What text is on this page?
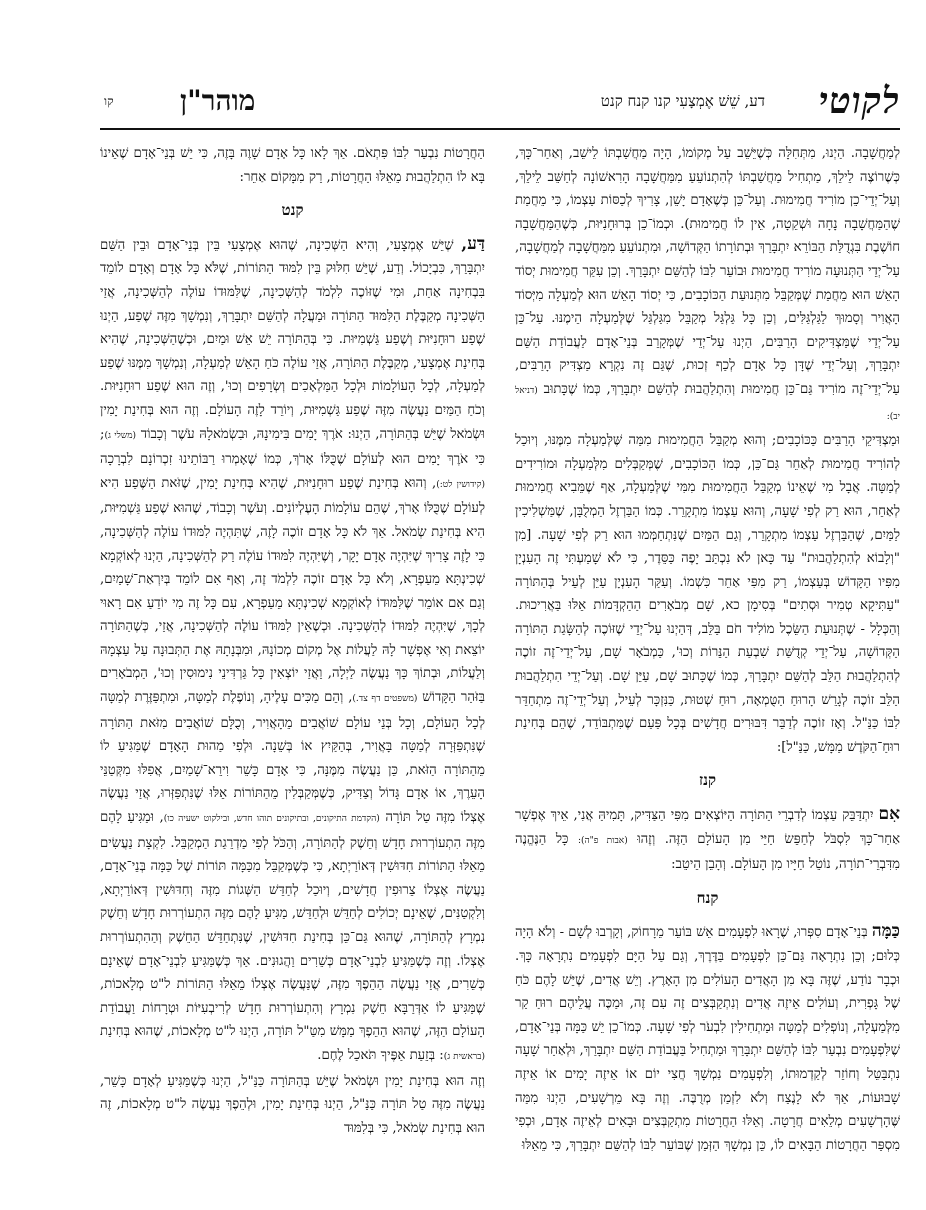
לקוטי
דע, שֵׁשׁ אֶמְצָעִי קנו קנח קנט
מוהר"ן
קו

לְמַחֲשָׁבָה. הַיְנוּ, מִתְּחִלָּה כְּשֶׁיֵּשֵׁב עַל מְקוֹמוֹ, הָיָה מַחֲשַׁבְתּוֹ לֵישֵׁב, וְאַחַר־כָּךְ, כְּשֶׁרוֹצֶה לֵילֵךְ, מַתְחִיל מַחֲשַׁבְתּוֹ לְהִתְנוֹעֵעַ מִמַּחֲשָׁבָה הָרִאשׁוֹנָה לְחַשֵּׁב לֵילֵךְ, וְעַל־יְדֵי־כֵן מוֹרִיד חֲמִימוּת. וְעַל־כֵּן כְּשֶׁאָדָם יָשֵׁן, צָרִיךְ לְכַסּוֹת עַצְמוֹ, כִּי מֵחֲמַת שֶׁהַמַּחֲשָׁבָה נָחָה וּשְׁקֵטָה, אֵין לוֹ חֲמִימוּת). וּכְמוֹ־כֵן בְּרוּחָנִיּוּת, כְּשֶׁהַמַּחֲשָׁבָה חוֹשֶׁבֶת בִּגְדֻלַּת הַבּוֹרֵא יִתְבָּרַךְ וּבְתוֹרָתוֹ הַקְּדוֹשָׁה, וּמִתְנוֹעֵעַ מִמַּחֲשָׁבָה לְמַחֲשָׁבָה, עַל־יְדֵי הַתְּנוּעָה מוֹרִיד חֲמִימוּת וּבוֹעֵר לִבּוֹ לְהַשֵּׁם יִתְבָּרַךְ. וְכֵן עִקַּר חֲמִימוּת יְסוֹד הָאֵשׁ הוּא מֵחֲמַת שֶׁמְּקַבֵּל מִתְּנוּעַת הַכּוֹכָבִים, כִּי יְסוֹד הָאֵשׁ הוּא לְמַעְלָה מִיְּסוֹד הָאֲוִיר וְסָמוּךְ לַגַּלְגַּלִּים, וְכֵן כָּל גַּלְגַּל מְקַבֵּל מִגַּלְגַּל שֶׁלְּמַעְלָה הֵימֶנּוּ. עַל־כֵּן עַל־יְדֵי שֶׁמַּצְדִּיקִים הָרַבִּים, הַיְנוּ עַל־יְדֵי שֶׁמְּקָרֵב בְּנֵי־אָדָם לַעֲבוֹדַת הַשֵּׁם יִתְבָּרַךְ, וְעַל־יְדֵי שֶׁדָּן כָּל אָדָם לְכַף זְכוּת, שֶׁגַּם זֶה נִקְרָא מַצְדִּיק הָרַבִּים, עַל־יְדֵי־זֶה מוֹרִיד גַּם־כֵּן חֲמִימוּת וְהִתְלַהֲבוּת לְהַשֵּׁם יִתְבָּרַךְ, כְּמוֹ שֶׁכָּתוּב (דניאל יב):

וּמַצְדִּיקֵי הָרַבִּים כַּכּוֹכָבִים; וְהוּא מְקַבֵּל הַחֲמִימוּת מִמַּה שֶּׁלְּמַעְלָה מִמֶּנּוּ, וְיוּכַל לְהוֹרִיד חֲמִימוּת לְאַחֵר גַּם־כֵּן, כְּמוֹ הַכּוֹכָבִים, שֶׁמְּקַבְּלִים מִלְּמַעְלָה וּמוֹרִידִים לְמַטָּה. אֲבָל מִי שֶׁאֵינוֹ מְקַבֵּל הַחֲמִימוּת מִמִּי שֶׁלְּמַעְלָה, אַף שֶׁמֵּבִיא חֲמִימוּת לְאַחֵר, הוּא רַק לְפִי שָׁעָה, וְהוּא עַצְמוֹ מִתְקָרֵר. כְּמוֹ הַבַּרְזֶל הַמְלֻבָּן, שֶׁמַּשְׁלִיכִין לַמַּיִם, שֶׁהַבַּרְזֶל עַצְמוֹ מִתְקָרֵר, וְגַם הַמַּיִם שֶׁנִּתְחַמְּמוּ הוּא רַק לְפִי שָׁעָה. [מִן "וְלָבוֹא לְהִתְלַהֲבוּת" עַד כָּאן לֹא נִכְתַּב יָפֶה כַּסֵּדֶר, כִּי לֹא שָׁמַעְתִּי זֶה הָעִנְיָן מִפִּיו הַקָּדוֹשׁ בְּעַצְמוֹ, רַק מִפִּי אַחֵר כִּשְׁמוֹ. וְעִקַּר הָעִנְיָן עַיֵּן לְעֵיל בְּהַתּוֹרָה "עַתִּיקָא טְמִיר וּסְתִים" בְּסִימָן כא, שָׁם מְבֹאָרִים הַהַקְדָּמוֹת אֵלּוּ בַּאֲרִיכוּת. וְהַכְּלָל - שֶׁתְּנוּעַת הַשֵּׂכֶל מוֹלִיד חֹם בַּלֵּב, דְּהַיְנוּ עַל־יְדֵי שֶׁזּוֹכֶה לְהַשָּׂגַת הַתּוֹרָה הַקְּדוֹשָׁה, עַל־יְדֵי קְדֻשַּׁת שִׁבְעַת הַנֵּרוֹת וְכוּ', כַּמְבֹאָר שָׁם, עַל־יְדֵי־זֶה זוֹכֶה לְהִתְלַהֲבוּת הַלֵּב לְהַשֵּׁם יִתְבָּרַךְ, כְּמוֹ שֶׁכָּתוּב שָׁם, עַיֵּן שָׁם. וְעַל־יְדֵי הִתְלַהֲבוּת הַלֵּב זוֹכֶה לְגָרֵשׁ הָרוּחַ הַטֻּמְאָה, רוּחַ שְׁטוּת, כַּנִּזְכָּר לְעֵיל, וְעַל־יְדֵי־זֶה מִתְחַדֵּר לִבּוֹ כַּנַּ"ל. וְאָז זוֹכֶה לְדַבֵּר דִּבּוּרִים חֲדָשִׁים בְּכָל פַּעַם שֶׁמִּתְבּוֹדֵד, שֶׁהֵם בְּחִינַת רוּחַ־הַקֹּדֶשׁ מַמָּשׁ, כַּנַּ"ל]:

קנז

אִם יִתְדַּבֵּק עַצְמוֹ לְדִבְרֵי הַתּוֹרָה הַיּוֹצְאִים מִפִּי הַצַּדִּיק, תָּמִיהַּ אֲנִי, אֵיךְ אֶפְשָׁר אַחַר־כָּךְ לִסְבֹּל לְחַפֵּשׂ חַיֵּי מִן הָעוֹלָם הַזֶּה. וְזֶהוּ (אבות פ"ה): כָּל הַנֶּהֱנֶה מִדִּבְרֵי־תוֹרָה, נוֹטֵל חַיָּיו מִן הָעוֹלָם. וְהָבֵן הֵיטֵב:

קנח

כַּמָּה בְּנֵי־אָדָם סִפְּרוּ, שֶׁרָאוּ לִפְעָמִים אֵשׁ בּוֹעֵר מֵרָחוֹק, וְקָרְבוּ לְשָׁם - וְלֹא הָיָה כְּלוּם; וְכֵן נִתְרָאָה גַּם־כֵּן לִפְעָמִים בַּדֶּרֶךְ, וְגַם עַל הַיָּם לִפְעָמִים נִתְרָאָה כָּךְ. וּכְבָר נוֹדַע, שֶׁזֶּה בָּא מִן הָאֲדִים הָעוֹלִים מִן הָאָרֶץ. וְיֵשׁ אֲדִים, שֶׁיֵּשׁ לָהֶם כֹּחַ שֶׁל גָּפְרִית, וְעוֹלִים אֵיזֶה אֲדִים וְנִתְקַבְּצִים זֶה עִם זֶה, וּמַכֶּה עֲלֵיהֶם רוּחַ קַר מִלְּמַעְלָה, וְנוֹפְלִים לְמַטָּה וּמַתְחִילִין לִבְעֹר לְפִי שָׁעָה. כְּמוֹ־כֵן יֵשׁ כַּמָּה בְּנֵי־אָדָם, שֶׁלִּפְעָמִים נִבְעַר לִבּוֹ לְהַשֵּׁם יִתְבָּרַךְ וּמַתְחִיל בַּעֲבוֹדַת הַשֵּׁם יִתְבָּרַךְ, וּלְאַחַר שָׁעָה נִתְבַּטֵּל וְחוֹזֵר לְקַדְמוּתוֹ, וְלִפְעָמִים נִמְשָׁךְ חֲצִי יוֹם אוֹ אֵיזֶה יָמִים אוֹ אֵיזֶה שָׁבוּעוֹת, אַךְ לֹא לָנֶצַח וְלֹא לִזְמַן מְרֻבֶּה. וְזֶה בָּא מֵרְשָׁעִים, הַיְנוּ מִמַּה שֶּׁהָרְשָׁעִים מְלֵאִים חֲרָטָה. וְאֵלּוּ הַחֲרָטוֹת מִתְקַבְּצִים וּבָאִים לְאֵיזֶה אָדָם, וּכְפִי מִסְפַּר הַחֲרָטוֹת הַבָּאִים לוֹ, כֵּן נִמְשָׁךְ הַזְּמַן שֶׁבּוֹעֵר לִבּוֹ לְהַשֵּׁם יִתְבָּרַךְ, כִּי מֵאֵלּוּ

הַחֲרָטוֹת נִבְעַר לִבּוֹ פִּתְאֹם. אַךְ לָאו כָּל אָדָם שָׁוֶה בָּזֶה, כִּי יֵשׁ בְּנֵי־אָדָם שֶׁאֵינוֹ בָּא לוֹ הִתְלַהֲבוּת מֵאֵלּוּ הַחֲרָטוֹת, רַק מִמָּקוֹם אַחֵר:

קנט

דַּע, שֶׁיֵּשׁ אֶמְצָעִי, וְהִיא הַשְּׁכִינָה, שֶׁהוּא אֶמְצָעִי בֵּין בְּנֵי־אָדָם וּבֵין הַשֵּׁם יִתְבָּרַךְ, כִּבְיָכוֹל. וְדַע, שֶׁיֵּשׁ חִלּוּק בֵּין לִמּוּד הַתּוֹרוֹת, שֶׁלֹּא כָּל אָדָם וְאָדָם לוֹמֵד בִּבְחִינָה אַחַת, וּמִי שֶׁזּוֹכֶה לִלְמֹד לְהַשְּׁכִינָה, שֶׁלִּמּוּדוֹ עוֹלֶה לְהַשְּׁכִינָה, אֲזַי הַשְּׁכִינָה מְקַבֶּלֶת הַלִּמּוּד הַתּוֹרָה וּמַעֲלָה לְהַשֵּׁם יִתְבָּרַךְ, וְנִמְשָׁךְ מִזֶּה שֶׁפַע, הַיְנוּ שֶׁפַע רוּחָנִיּוּת וְשֶׁפַע גַּשְׁמִיּוּת. כִּי בְּהַתּוֹרָה יֵשׁ אֵשׁ וּמַיִם, וּכְשֶׁהַשְּׁכִינָה, שֶׁהִיא בְּחִינַת אֶמְצָעִי, מְקַבֶּלֶת הַתּוֹרָה, אֲזַי עוֹלֶה כֹּחַ הָאֵשׁ לְמַעְלָה, וְנִמְשָׁךְ מִמֶּנּוּ שֶׁפַע לְמַעְלָה, לְכָל הָעוֹלָמוֹת וּלְכָל הַמַּלְאָכִים וְשְׂרָפִים וְכוּ', וְזֶה הוּא שֶׁפַע רוּחָנִיּוּת. וְכֹחַ הַמַּיִם נַעֲשֶׂה מִזֶּה שֶׁפַע גַּשְׁמִיּוּת, וְיוֹרֵד לָזֶה הָעוֹלָם. וְזֶה הוּא בְּחִינַת יָמִין וּשְׂמֹאל שֶׁיֵּשׁ בְּהַתּוֹרָה, הַיְנוּ: אֹרֶךְ יָמִים בִּימִינָהּ, וּבִשְׂמֹאלָהּ עֹשֶׁר וְכָבוֹד (משלי ג); כִּי אֹרֶךְ יָמִים הוּא לְעוֹלָם שֶׁכֻּלּוֹ אָרֹךְ, כְּמוֹ שֶׁאָמְרוּ רַבּוֹתֵינוּ זִכְרוֹנָם לִבְרָכָה (קידושין לט:), וְהוּא בְּחִינַת שֶׁפַע רוּחָנִיּוּת, שֶׁהִיא בְּחִינַת יָמִין, שֶׁזֹּאת הַשֶּׁפַע הִיא לְעוֹלָם שֶׁכֻּלּוֹ אָרֹךְ, שֶׁהֵם עוֹלָמוֹת הָעֶלְיוֹנִים. וְעֹשֶׁר וְכָבוֹד, שֶׁהוּא שֶׁפַע גַּשְׁמִיּוּת, הִיא בְּחִינַת שְׂמֹאל. אַךְ לֹא כָּל אָדָם זוֹכֶה לָזֶה, שֶׁתִּהְיֶה לִמּוּדוֹ עוֹלֶה לְהַשְּׁכִינָה, כִּי לָזֶה צָרִיךְ שֶׁיִּהְיֶה אָדָם יָקָר, וְשֶׁיִּהְיֶה לִמּוּדוֹ עוֹלֶה רַק לְהַשְּׁכִינָה, הַיְנוּ לְאוֹקְמָא שְׁכִינְתָּא מֵעַפְרָא, וְלֹא כָּל אָדָם זוֹכֶה לִלְמֹד זֶה, וְאַף אִם לוֹמֵד בְּיִרְאַת־שָׁמַיִם, וְגַם אִם אוֹמֵר שֶׁלִּמּוּדוֹ לְאוֹקְמָא שְׁכִינְתָּא מֵעַפְרָא, עִם כָּל זֶה מִי יוֹדֵעַ אִם רָאוּי לְכָךְ, שֶׁיִּהְיֶה לִמּוּדוֹ לְהַשְּׁכִינָה. וּכְשֶׁאֵין לִמּוּדוֹ עוֹלֶה לְהַשְּׁכִינָה, אֲזַי, כְּשֶׁהַתּוֹרָה יוֹצֵאת וְאִי אֶפְשָׁר לָהּ לַעֲלוֹת אֶל מְקוֹם מְכוֹנָהּ, וּמִבְּנָתָהּ אֶת הַתְּבוּנָה עַל עַצְמָהּ וְלַעֲלוֹת, וּבְתוֹךְ כָּךְ נַעֲשֶׂה לַיְלָה, וַאֲזַי יוֹצְאִין כָּל גַּרְדִּינֵי נִימוּסִין וְכוּ', הַמְבֹאָרִים בַּזֹּהַר הַקָּדוֹשׁ (משפטים דף צד.), וְהֵם מַכִּים עָלֶיהָ, וְנוֹפֶלֶת לְמַטָּה, וּמִתְפַּזֶּרֶת לְמַטָּה לְכָל הָעוֹלָם, וְכָל בְּנֵי עוֹלָם שׁוֹאֲבִים מֵהָאֲוִיר, וְכֻלָּם שׁוֹאֲבִים מִזֹּאת הַתּוֹרָה שֶׁנִּתְפַּזְּרָה לְמַטָּה בָּאֲוִיר, בְּהַקַּיִץ אוֹ בְּשֵׁנָה. וּלְפִי מַהוּת הָאָדָם שֶׁמַּגִּיעַ לוֹ מֵהַתּוֹרָה הַזֹּאת, כֵּן נַעֲשֶׂה מִמֶּנָּה, כִּי אָדָם כָּשֵׁר וִירֵא־שָׁמַיִם, אֲפִלּוּ מִקְּטַנֵּי הָעֵרֶךְ, אוֹ אָדָם גָּדוֹל וְצַדִּיק, כְּשֶׁמְּקַבְּלִין מֵהַתּוֹרוֹת אֵלּוּ שֶׁנִּתְפַּזְּרוּ, אֲזַי נַעֲשֶׂה אֶצְלוֹ מִזֶּה טַל תּוֹרָה (הקדמת התיקונים, ובתיקונים תוהו חדש, ובילקוט ישעיה כו), וּמַגִּיעַ לָהֶם מִזֶּה הִתְעוֹרְרוּת חָדָשׁ וְחֵשֶׁק לְהַתּוֹרָה, וְהַכֹּל לְפִי מַדְרֵגַת הַמְקַבֵּל. לִקְצָת נַעֲשִׂים מֵאֵלּוּ הַתּוֹרוֹת חִדּוּשִׁין דְּאוֹרַיְתָא, כִּי כְּשֶׁמְּקַבֵּל מִכַּמָּה תּוֹרוֹת שֶׁל כַּמָּה בְּנֵי־אָדָם, נַעֲשֶׂה אֶצְלוֹ צֵרוּפִין חֲדָשִׁים, וְיוּכַל לְחַדֵּשׁ הַשְּׁגוֹת מִזֶּה וְחִדּוּשִׁין דְּאוֹרַיְתָא, וְלִקְטַנִּים, שֶׁאֵינָם יְכוֹלִים לְחַדֵּשׁ וּלְחַדֵּשׁ, מַגִּיעַ לָהֶם מִזֶּה הִתְעוֹרְרוּת חָדָשׁ וְחֵשֶׁק נִמְרָץ לְהַתּוֹרָה, שֶׁהוּא גַּם־כֵּן בְּחִינַת חִדּוּשִׁין, שֶׁנִּתְחַדֵּשׁ הַחֵשֶׁק וְהַהִתְעוֹרְרוּת אֶצְלוֹ. וְזֶה כְּשֶׁמַּגִּיעַ לִבְנֵי־אָדָם כְּשֵׁרִים וַהֲגוּנִים. אַךְ כְּשֶׁמַּגִּיעַ לִבְנֵי־אָדָם שֶׁאֵינָם כְּשֵׁרִים, אֲזַי נַעֲשֶׂה הַהֵפֶךְ מִזֶּה, שֶׁנַּעֲשֶׂה אֶצְלוֹ מֵאֵלּוּ הַתּוֹרוֹת ל"ט מְלָאכוֹת, שֶׁמַּגִּיעַ לוֹ אַדְּרַבָּא חֵשֶׁק נִמְרָץ וְהִתְעוֹרְרוּת חָדָשׁ לְרִיבְעִיּוֹת וּטְרָחוֹת וַעֲבוֹדַת הָעוֹלָם הַזֶּה, שֶׁהוּא הַהֵפֶךְ מַמָּשׁ מִטַּ"ל תּוֹרָה, הַיְנוּ ל"ט מְלָאכוֹת, שֶׁהוּא בְּחִינַת (בראשית ג): בְּזֵעַת אַפֶּיךָ תֹּאכַל לֶחֶם.

וְזֶה הוּא בְּחִינַת יָמִין וּשְׂמֹאל שֶׁיֵּשׁ בְּהַתּוֹרָה כַּנַּ"ל, הַיְנוּ כְּשֶׁמַּגִּיעַ לְאָדָם כָּשֵׁר, נַעֲשֶׂה מִזֶּה טַל תּוֹרָה כַּנַּ"ל, הַיְנוּ בְּחִינַת יָמִין, וּלְהֵפֶךְ נַעֲשֶׂה ל"ט מְלָאכוֹת, זֶה הוּא בְּחִינַת שְׂמֹאל, כִּי בְּלִמּוּד
